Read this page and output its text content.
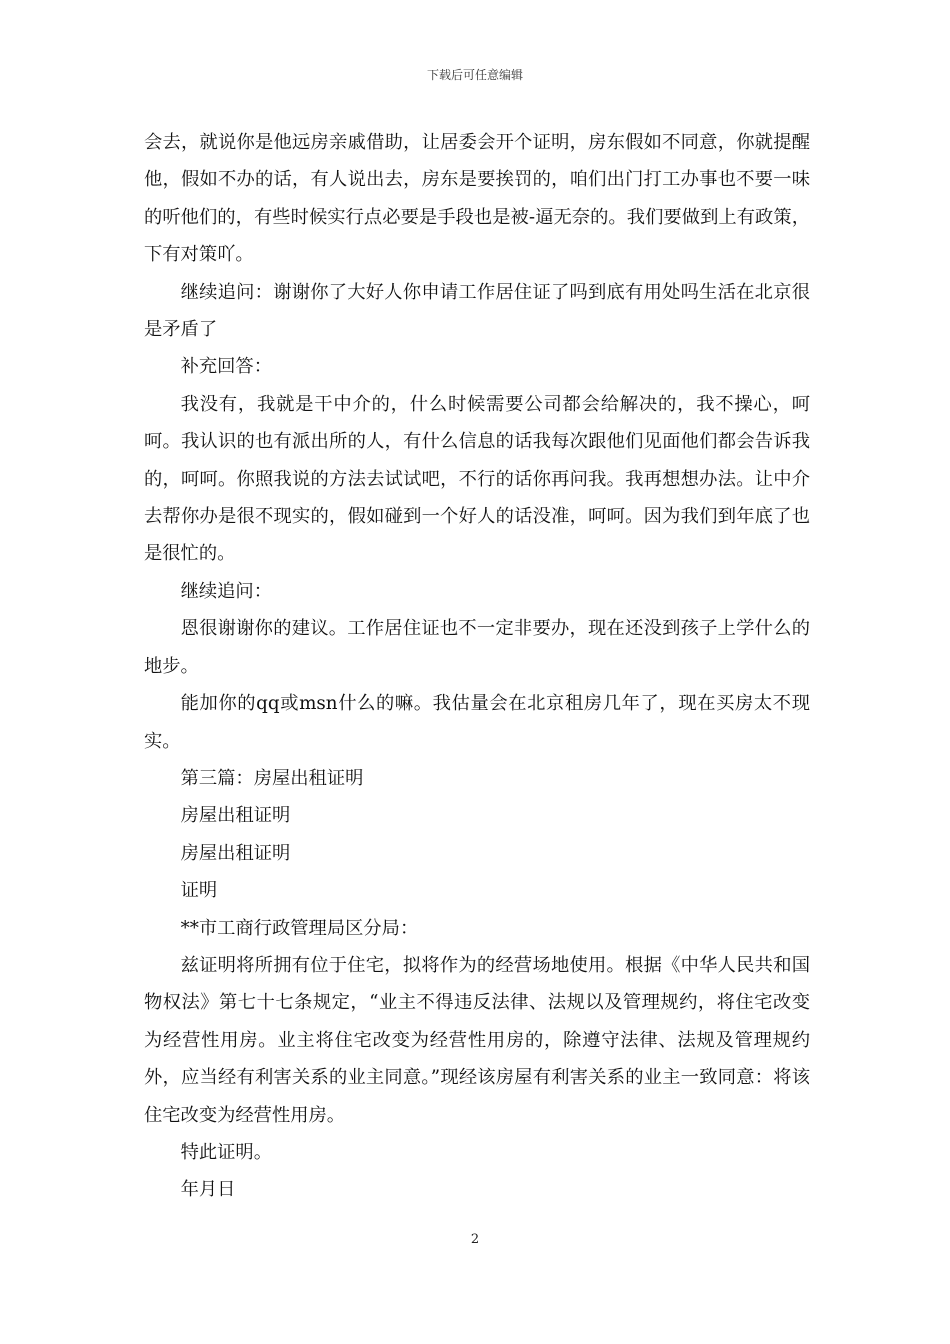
下载后可任意编辑

会去，就说你是他远房亲戚借助，让居委会开个证明，房东假如不同意，你就提醒他，假如不办的话，有人说出去，房东是要挨罚的，咱们出门打工办事也不要一味的听他们的，有些时候实行点必要是手段也是被-逼无奈的。我们要做到上有政策，下有对策吖。

继续追问：谢谢你了大好人你申请工作居住证了吗到底有用处吗生活在北京很是矛盾了

补充回答：

我没有，我就是干中介的，什么时候需要公司都会给解决的，我不操心，呵呵。我认识的也有派出所的人，有什么信息的话我每次跟他们见面他们都会告诉我的，呵呵。你照我说的方法去试试吧，不行的话你再问我。我再想想办法。让中介去帮你办是很不现实的，假如碰到一个好人的话没准，呵呵。因为我们到年底了也是很忙的。

继续追问：

恩很谢谢你的建议。工作居住证也不一定非要办，现在还没到孩子上学什么的地步。

能加你的qq或msn什么的嘛。我估量会在北京租房几年了，现在买房太不现实。

第三篇：房屋出租证明

房屋出租证明

房屋出租证明

证明

**市工商行政管理局区分局：

兹证明将所拥有位于住宅，拟将作为的经营场地使用。根据《中华人民共和国物权法》第七十七条规定，“业主不得违反法律、法规以及管理规约，将住宅改变为经营性用房。业主将住宅改变为经营性用房的，除遵守法律、法规及管理规约外，应当经有利害关系的业主同意。”现经该房屋有利害关系的业主一致同意：将该住宅改变为经营性用房。

特此证明。

年月日

2
